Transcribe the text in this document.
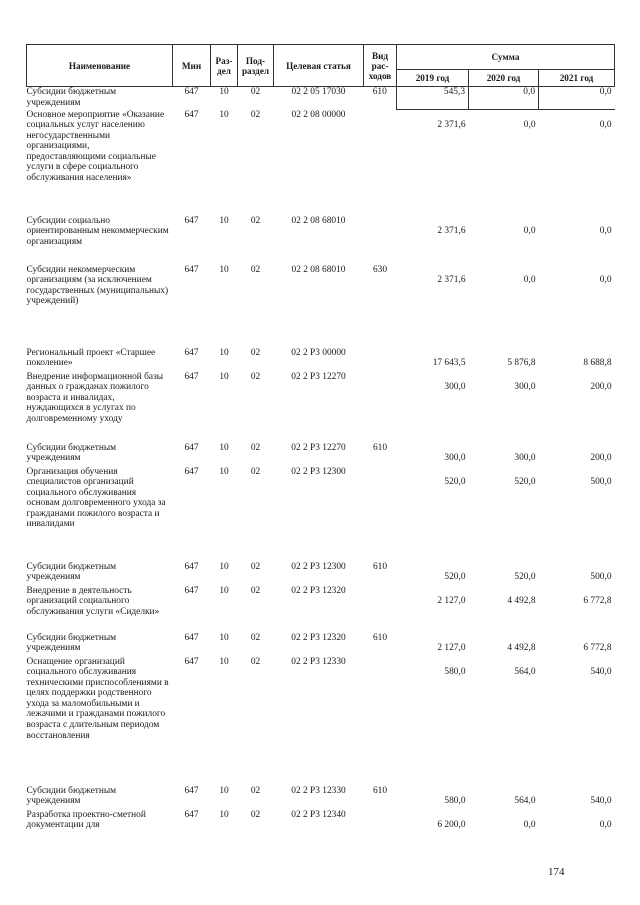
Наименование	Мин	Раз-дел	Под-раздел	Целевая статья	Вид рас-ходов	Сумма		
						2019 год	2020 год	2021 год
Субсидии бюджетным учреждениям	647	10	02	02 2 05 17030	610	545,3	0,0	0,0
Основное мероприятие «Оказание социальных услуг населению негосударственными организациями, предоставляющими социальные услуги в сфере социального обслуживания населения»	647	10	02	02 2 08 00000		2 371,6	0,0	0,0
Субсидии социально ориентированным некоммерческим организациям	647	10	02	02 2 08 68010		2 371,6	0,0	0,0
Субсидии некоммерческим организациям (за исключением государственных (муниципальных) учреждений)	647	10	02	02 2 08 68010	630	2 371,6	0,0	0,0
Региональный проект «Старшее поколение»	647	10	02	02 2 P3 00000		17 643,5	5 876,8	8 688,8
Внедрение информационной базы данных о гражданах пожилого возраста и инвалидах, нуждающихся в услугах по долговременному уходу	647	10	02	02 2 P3 12270		300,0	300,0	200,0
Субсидии бюджетным учреждениям	647	10	02	02 2 P3 12270	610	300,0	300,0	200,0
Организация обучения специалистов организаций социального обслуживания основам долговременного ухода за гражданами пожилого возраста и инвалидами	647	10	02	02 2 P3 12300		520,0	520,0	500,0
Субсидии бюджетным учреждениям	647	10	02	02 2 P3 12300	610	520,0	520,0	500,0
Внедрение в деятельность организаций социального обслуживания услуги «Сиделки»	647	10	02	02 2 P3 12320		2 127,0	4 492,8	6 772,8
Субсидии бюджетным учреждениям	647	10	02	02 2 P3 12320	610	2 127,0	4 492,8	6 772,8
Оснащение организаций социального обслуживания техническими приспособлениями в целях поддержки родственного ухода за маломобильными и лежачими и гражданами пожилого возраста с длительным периодом восстановления	647	10	02	02 2 P3 12330		580,0	564,0	540,0
Субсидии бюджетным учреждениям	647	10	02	02 2 P3 12330	610	580,0	564,0	540,0
Разработка проектно-сметной документации для	647	10	02	02 2 P3 12340		6 200,0	0,0	0,0
174
